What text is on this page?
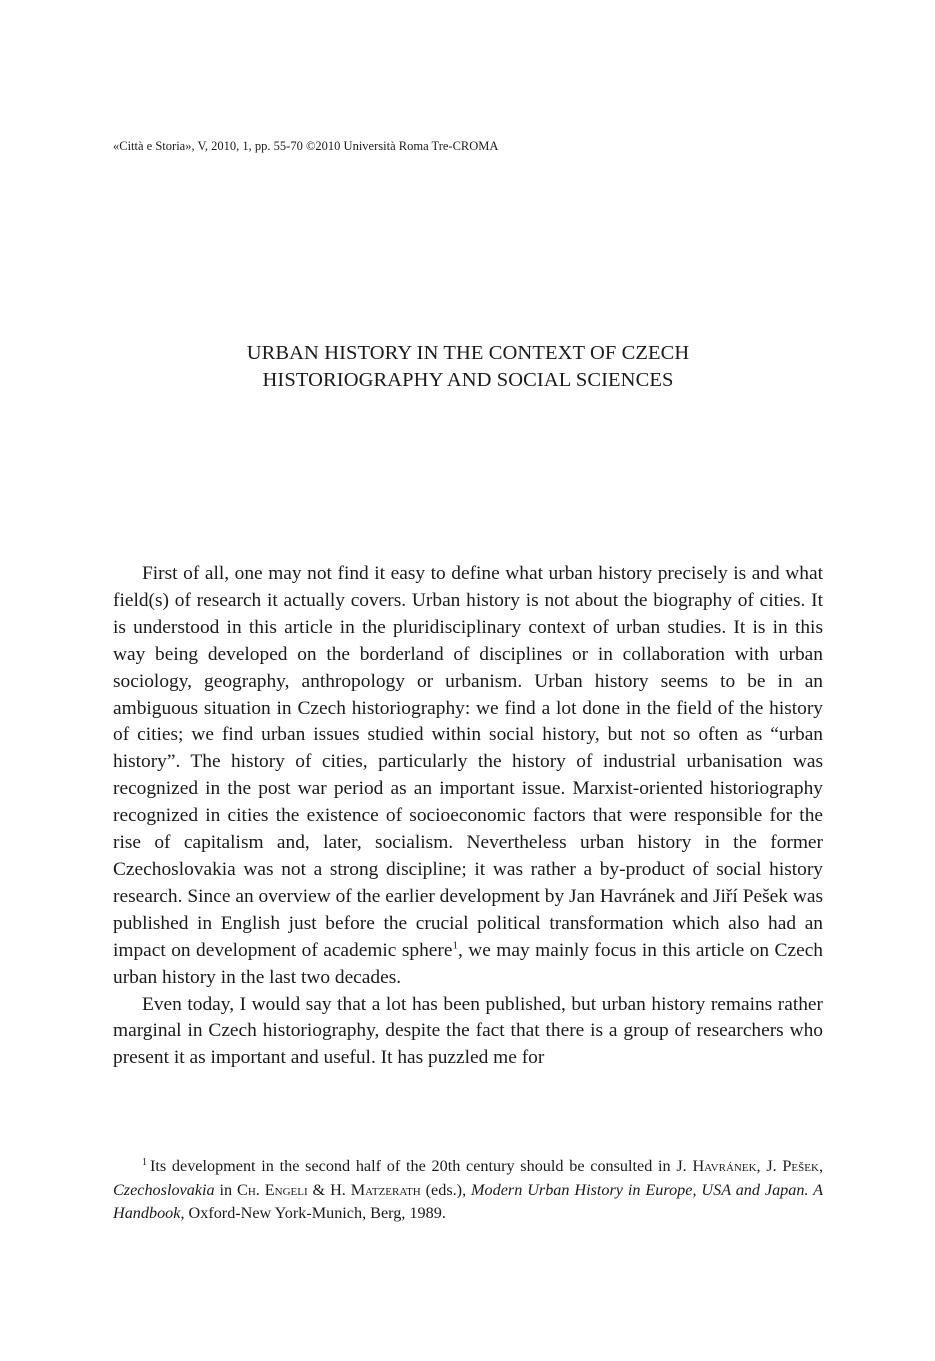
«Città e Storia», V, 2010, 1, pp. 55-70 ©2010 Università Roma Tre-CROMA
URBAN HISTORY IN THE CONTEXT OF CZECH
HISTORIOGRAPHY AND SOCIAL SCIENCES

First of all, one may not find it easy to define what urban history precisely is and what field(s) of research it actually covers. Urban history is not about the biography of cities. It is understood in this article in the pluridisciplinary context of urban studies. It is in this way being developed on the borderland of disciplines or in collaboration with urban sociology, geography, anthropology or urbanism. Urban history seems to be in an ambiguous situation in Czech historiography: we find a lot done in the field of the history of cities; we find urban issues studied within social history, but not so often as “urban history”. The history of cities, particularly the history of industrial urbanisation was recognized in the post war period as an important issue. Marxist-oriented historiography recognized in cities the existence of socioeconomic factors that were responsible for the rise of capitalism and, later, socialism. Nevertheless urban history in the former Czechoslovakia was not a strong discipline; it was rather a by-product of social history research. Since an overview of the earlier development by Jan Havránek and Jiří Pešek was published in English just before the crucial political transformation which also had an impact on development of academic sphere$^1$, we may mainly focus in this article on Czech urban history in the last two decades.

Even today, I would say that a lot has been published, but urban history remains rather marginal in Czech historiography, despite the fact that there is a group of researchers who present it as important and useful. It has puzzled me for

$^1$ Its development in the second half of the 20th century should be consulted in J. Havránek, J. Pešek, Czechoslovakia in Ch. Engeli & H. Matzerath (eds.), Modern Urban History in Europe, USA and Japan. A Handbook, Oxford-New York-Munich, Berg, 1989.
